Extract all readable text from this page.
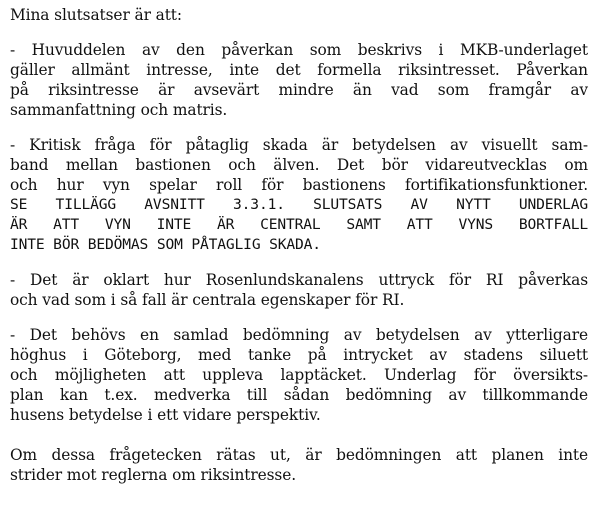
Mina slutsatser är att:
- Huvuddelen av den påverkan som beskrivs i MKB-underlaget
gäller allmänt intresse, inte det formella riksintresset. Påverkan
på riksintresse är avsevärt mindre än vad som framgår av
sammanfattning och matris.
- Kritisk fråga för påtaglig skada är betydelsen av visuellt sam-
band mellan bastionen och älven. Det bör vidareutvecklas om
och hur vyn spelar roll för bastionens fortifikationsfunktioner.
SE TILLÄGG AVSNITT 3.3.1. SLUTSATS AV NYTT UNDERLAG
ÄR ATT VYN INTE ÄR CENTRAL SAMT ATT VYNS BORTFALL
INTE BÖR BEDÖMAS SOM PÅTAGLIG SKADA.
- Det är oklart hur Rosenlundskanalens uttryck för RI påverkas
och vad som i så fall är centrala egenskaper för RI.
- Det behövs en samlad bedömning av betydelsen av ytterligare
höghus i Göteborg, med tanke på intrycket av stadens siluett
och möjligheten att uppleva lapptäcket. Underlag för översikts-
plan kan t.ex. medverka till sådan bedömning av tillkommande
husens betydelse i ett vidare perspektiv.
Om dessa frågetecken rätas ut, är bedömningen att planen inte
strider mot reglerna om riksintresse.
